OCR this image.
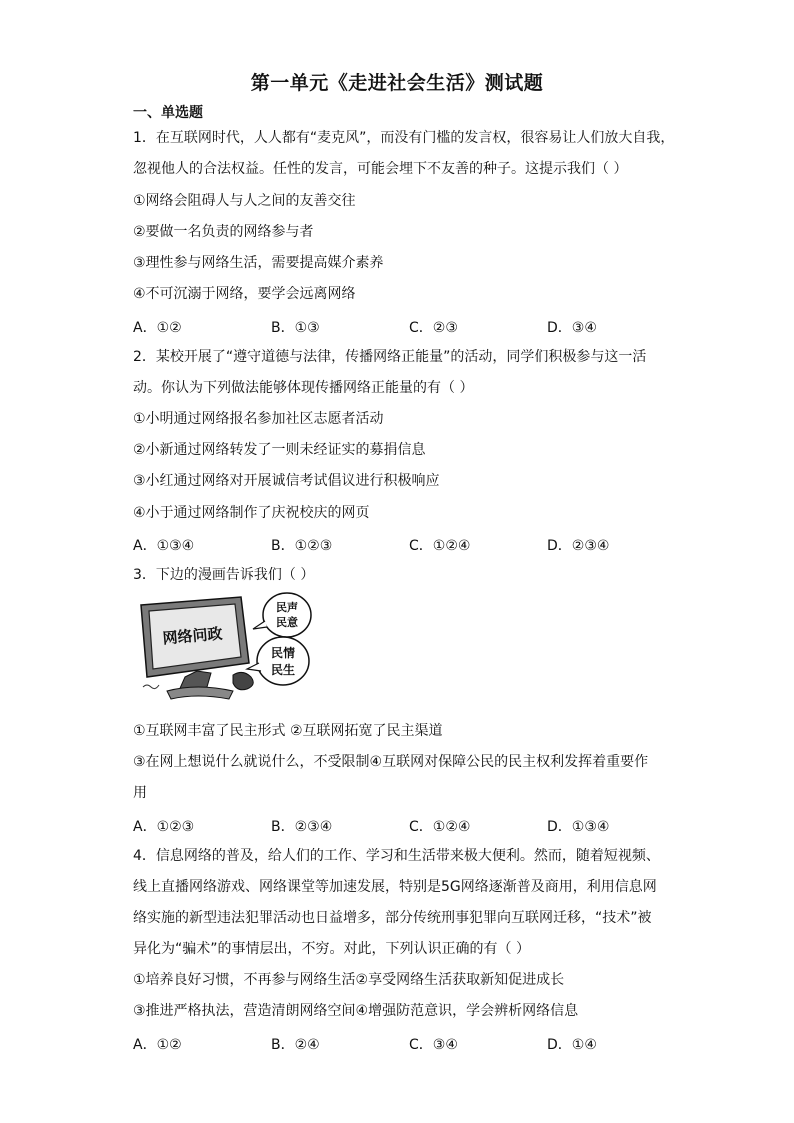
第一单元《走进社会生活》测试题
一、单选题
1．在互联网时代，人人都有“麦克风”，而没有门槛的发言权，很容易让人们放大自我，
忽视他人的合法权益。任性的发言，可能会埋下不友善的种子。这提示我们（ ）
①网络会阻碍人与人之间的友善交往
②要做一名负责的网络参与者
③理性参与网络生活，需要提高媒介素养
④不可沉溺于网络，要学会远离网络
A．①②	B．①③	C．②③	D．③④
2．某校开展了“遵守道德与法律，传播网络正能量”的活动，同学们积极参与这一活
动。你认为下列做法能够体现传播网络正能量的有（ ）
①小明通过网络报名参加社区志愿者活动
②小新通过网络转发了一则未经证实的募捐信息
③小红通过网络对开展诚信考试倡议进行积极响应
④小于通过网络制作了庆祝校庆的网页
A．①③④	B．①②③	C．①②④	D．②③④
3．下边的漫画告诉我们（ ）
网络问政
民声
民意
民情
民生
①互联网丰富了民主形式 ②互联网拓宽了民主渠道
③在网上想说什么就说什么，不受限制④互联网对保障公民的民主权利发挥着重要作
用
A．①②③	B．②③④	C．①②④	D．①③④
4．信息网络的普及，给人们的工作、学习和生活带来极大便利。然而，随着短视频、
线上直播网络游戏、网络课堂等加速发展，特别是5G网络逐渐普及商用，利用信息网
络实施的新型违法犯罪活动也日益增多，部分传统刑事犯罪向互联网迁移，“技术”被
异化为“骗术”的事情层出，不穷。对此，下列认识正确的有（ ）
①培养良好习惯，不再参与网络生活②享受网络生活获取新知促进成长
③推进严格执法，营造清朗网络空间④增强防范意识，学会辨析网络信息
A．①②	B．②④	C．③④	D．①④
